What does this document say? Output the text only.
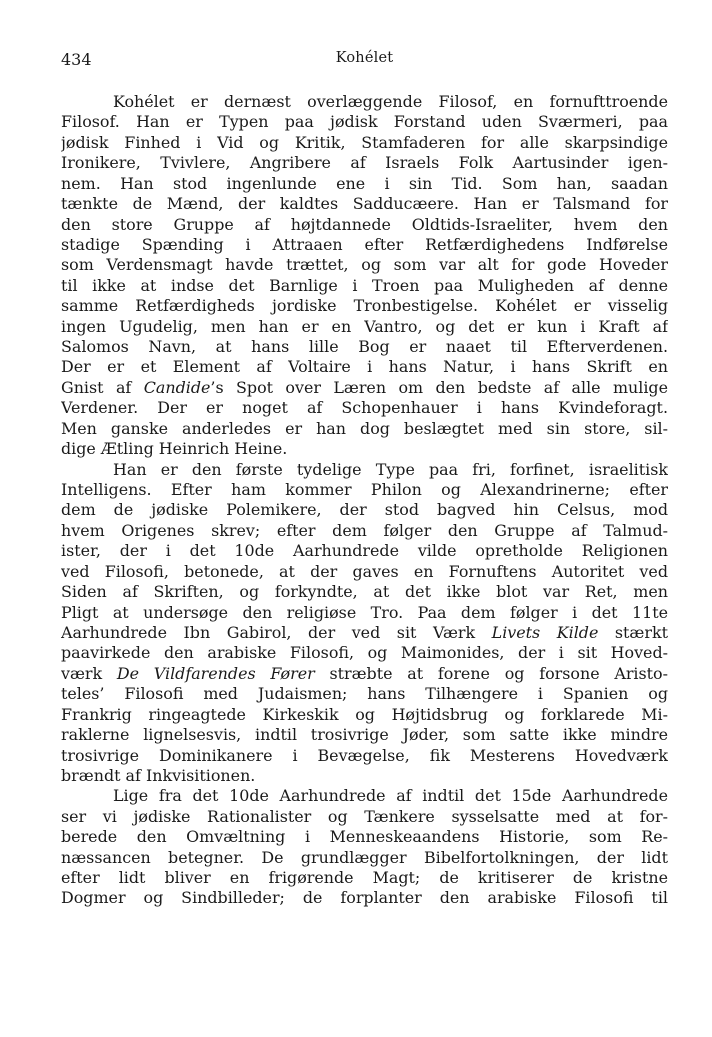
434	Kohélet
Kohélet er dernæst overlæggende Filosof, en fornufttroende
Filosof. Han er Typen paa jødisk Forstand uden Sværmeri, paa
jødisk Finhed i Vid og Kritik, Stamfaderen for alle skarpsindige
Ironikere, Tvivlere, Angribere af Israels Folk Aartusinder igen-
nem. Han stod ingenlunde ene i sin Tid. Som han, saadan
tænkte de Mænd, der kaldtes Sadducæere. Han er Talsmand for
den store Gruppe af højtdannede Oldtids-Israeliter, hvem den
stadige Spænding i Attraaen efter Retfærdighedens Indførelse
som Verdensmagt havde trættet, og som var alt for gode Hoveder
til ikke at indse det Barnlige i Troen paa Muligheden af denne
samme Retfærdigheds jordiske Tronbestigelse. Kohélet er visselig
ingen Ugudelig, men han er en Vantro, og det er kun i Kraft af
Salomos Navn, at hans lille Bog er naaet til Efterverdenen.
Der er et Element af Voltaire i hans Natur, i hans Skrift en
Gnist af Candide’s Spot over Læren om den bedste af alle mulige
Verdener. Der er noget af Schopenhauer i hans Kvindeforagt.
Men ganske anderledes er han dog beslægtet med sin store, sil-
dige Ætling Heinrich Heine.
Han er den første tydelige Type paa fri, forfinet, israelitisk
Intelligens. Efter ham kommer Philon og Alexandrinerne; efter
dem de jødiske Polemikere, der stod bagved hin Celsus, mod
hvem Origenes skrev; efter dem følger den Gruppe af Talmud-
ister, der i det 10de Aarhundrede vilde opretholde Religionen
ved Filosofi, betonede, at der gaves en Fornuftens Autoritet ved
Siden af Skriften, og forkyndte, at det ikke blot var Ret, men
Pligt at undersøge den religiøse Tro. Paa dem følger i det 11te
Aarhundrede Ibn Gabirol, der ved sit Værk Livets Kilde stærkt
paavirkede den arabiske Filosofi, og Maimonides, der i sit Hoved-
værk De Vildfarendes Fører stræbte at forene og forsone Aristo-
teles’ Filosofi med Judaismen; hans Tilhængere i Spanien og
Frankrig ringeagtede Kirkeskik og Højtidsbrug og forklarede Mi-
raklerne lignelsesvis, indtil trosivrige Jøder, som satte ikke mindre
trosivrige Dominikanere i Bevægelse, fik Mesterens Hovedværk
brændt af Inkvisitionen.
Lige fra det 10de Aarhundrede af indtil det 15de Aarhundrede
ser vi jødiske Rationalister og Tænkere sysselsatte med at for-
berede den Omvæltning i Menneskeaandens Historie, som Re-
næssancen betegner. De grundlægger Bibelfortolkningen, der lidt
efter lidt bliver en frigørende Magt; de kritiserer de kristne
Dogmer og Sindbilleder; de forplanter den arabiske Filosofi til
